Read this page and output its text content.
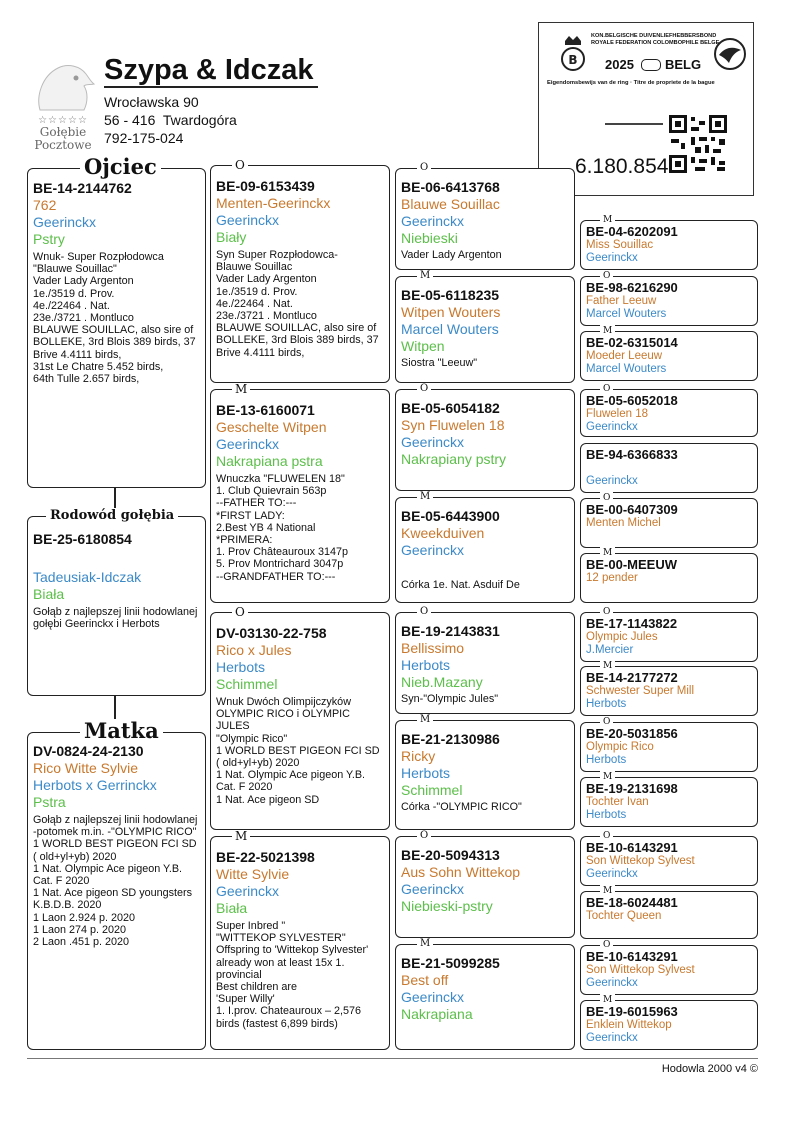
☆☆☆☆☆
Gołębie
Pocztowe
Szypa & Idczak
Wrocławska 90
56 - 416  Twardogóra
792-175-024
B
KON.BELGISCHE DUIVENLIEFHEBBERSBOND
ROYALE FEDERATION COLOMBOPHILE BELGE
2025 BELG
Eigendomsbewijs van de ring · Titre de propriete de la bague
6.180.854
Ojciec
BE-14-2144762
762
Geerinckx
Pstry
Wnuk- Super Rozpłodowca
"Blauwe Souillac"
Vader Lady Argenton
1e./3519 d. Prov.
4e./22464 . Nat.
23e./3721 . Montluco
BLAUWE SOUILLAC, also sire of BOLLEKE, 3rd Blois 389 birds, 37 Brive 4.4111 birds,
31st Le Chatre 5.452 birds,
64th Tulle 2.657 birds,
Rodowód gołębia
BE-25-6180854
Tadeusiak-Idczak
Biała
Gołąb z najlepszej linii hodowlanej gołębi Geerinckx i Herbots
Matka
DV-0824-24-2130
Rico Witte Sylvie
Herbots x Gerrinckx
Pstra
Gołąb z najlepszej linii hodowlanej -potomek m.in. -"OLYMPIC RICO"
1 WORLD BEST PIGEON FCI SD ( old+yl+yb) 2020
1 Nat. Olympic Ace pigeon Y.B. Cat. F 2020
1 Nat. Ace pigeon SD youngsters K.B.D.B. 2020
1 Laon 2.924 p. 2020
1 Laon 274 p. 2020
2 Laon .451 p. 2020
O
BE-09-6153439
Menten-Geerinckx
Geerinckx
Biały
Syn Super Rozpłodowca-
Blauwe Souillac
Vader Lady Argenton
1e./3519 d. Prov.
4e./22464 . Nat.
23e./3721 . Montluco
BLAUWE SOUILLAC, also sire of BOLLEKE, 3rd Blois 389 birds, 37 Brive 4.4111 birds,
M
BE-13-6160071
Geschelte Witpen
Geerinckx
Nakrapiana pstra
Wnuczka "FLUWELEN 18"
1. Club Quievrain 563p
--FATHER TO:---
*FIRST LADY:
2.Best YB 4 National
*PRIMERA:
1. Prov Châteauroux 3147p
5. Prov Montrichard 3047p
--GRANDFATHER TO:---
O
DV-03130-22-758
Rico x Jules
Herbots
Schimmel
Wnuk Dwóch Olimpijczyków OLYMPIC RICO i OLYMPIC JULES
"Olympic Rico"
1 WORLD BEST PIGEON FCI SD ( old+yl+yb) 2020
1 Nat. Olympic Ace pigeon Y.B. Cat. F 2020
1 Nat. Ace pigeon SD
M
BE-22-5021398
Witte Sylvie
Geerinckx
Biała
Super Inbred "
"WITTEKOP SYLVESTER"
Offspring to 'Wittekop Sylvester' already won at least 15x 1. provincial
Best children are
'Super Willy'
1. I.prov. Chateauroux – 2,576 birds (fastest 6,899 birds)
O
BE-06-6413768
Blauwe Souillac
Geerinckx
Niebieski
Vader Lady Argenton
M
BE-05-6118235
Witpen Wouters
Marcel Wouters
Witpen
Siostra "Leeuw"
O
BE-05-6054182
Syn Fluwelen 18
Geerinckx
Nakrapiany pstry
M
BE-05-6443900
Kweekduiven
Geerinckx
Córka 1e. Nat. Asduif De
O
BE-19-2143831
Bellissimo
Herbots
Nieb.Mazany
Syn-"Olympic Jules"
M
BE-21-2130986
Ricky
Herbots
Schimmel
Córka -"OLYMPIC RICO"
O
BE-20-5094313
Aus Sohn Wittekop
Geerinckx
Niebieski-pstry
M
BE-21-5099285
Best off
Geerinckx
Nakrapiana
M
BE-04-6202091
Miss Souillac
Geerinckx
O
BE-98-6216290
Father Leeuw
Marcel Wouters
M
BE-02-6315014
Moeder Leeuw
Marcel Wouters
O
BE-05-6052018
Fluwelen 18
Geerinckx
BE-94-6366833
Geerinckx
O
BE-00-6407309
Menten Michel
M
BE-00-MEEUW
12 pender
O
BE-17-1143822
Olympic Jules
J.Mercier
M
BE-14-2177272
Schwester Super Mill
Herbots
O
BE-20-5031856
Olympic Rico
Herbots
M
BE-19-2131698
Tochter Ivan
Herbots
O
BE-10-6143291
Son Wittekop Sylvest
Geerinckx
M
BE-18-6024481
Tochter Queen
O
BE-10-6143291
Son Wittekop Sylvest
Geerinckx
M
BE-19-6015963
Enklein Wittekop
Geerinckx
Hodowla 2000 v4 ©
